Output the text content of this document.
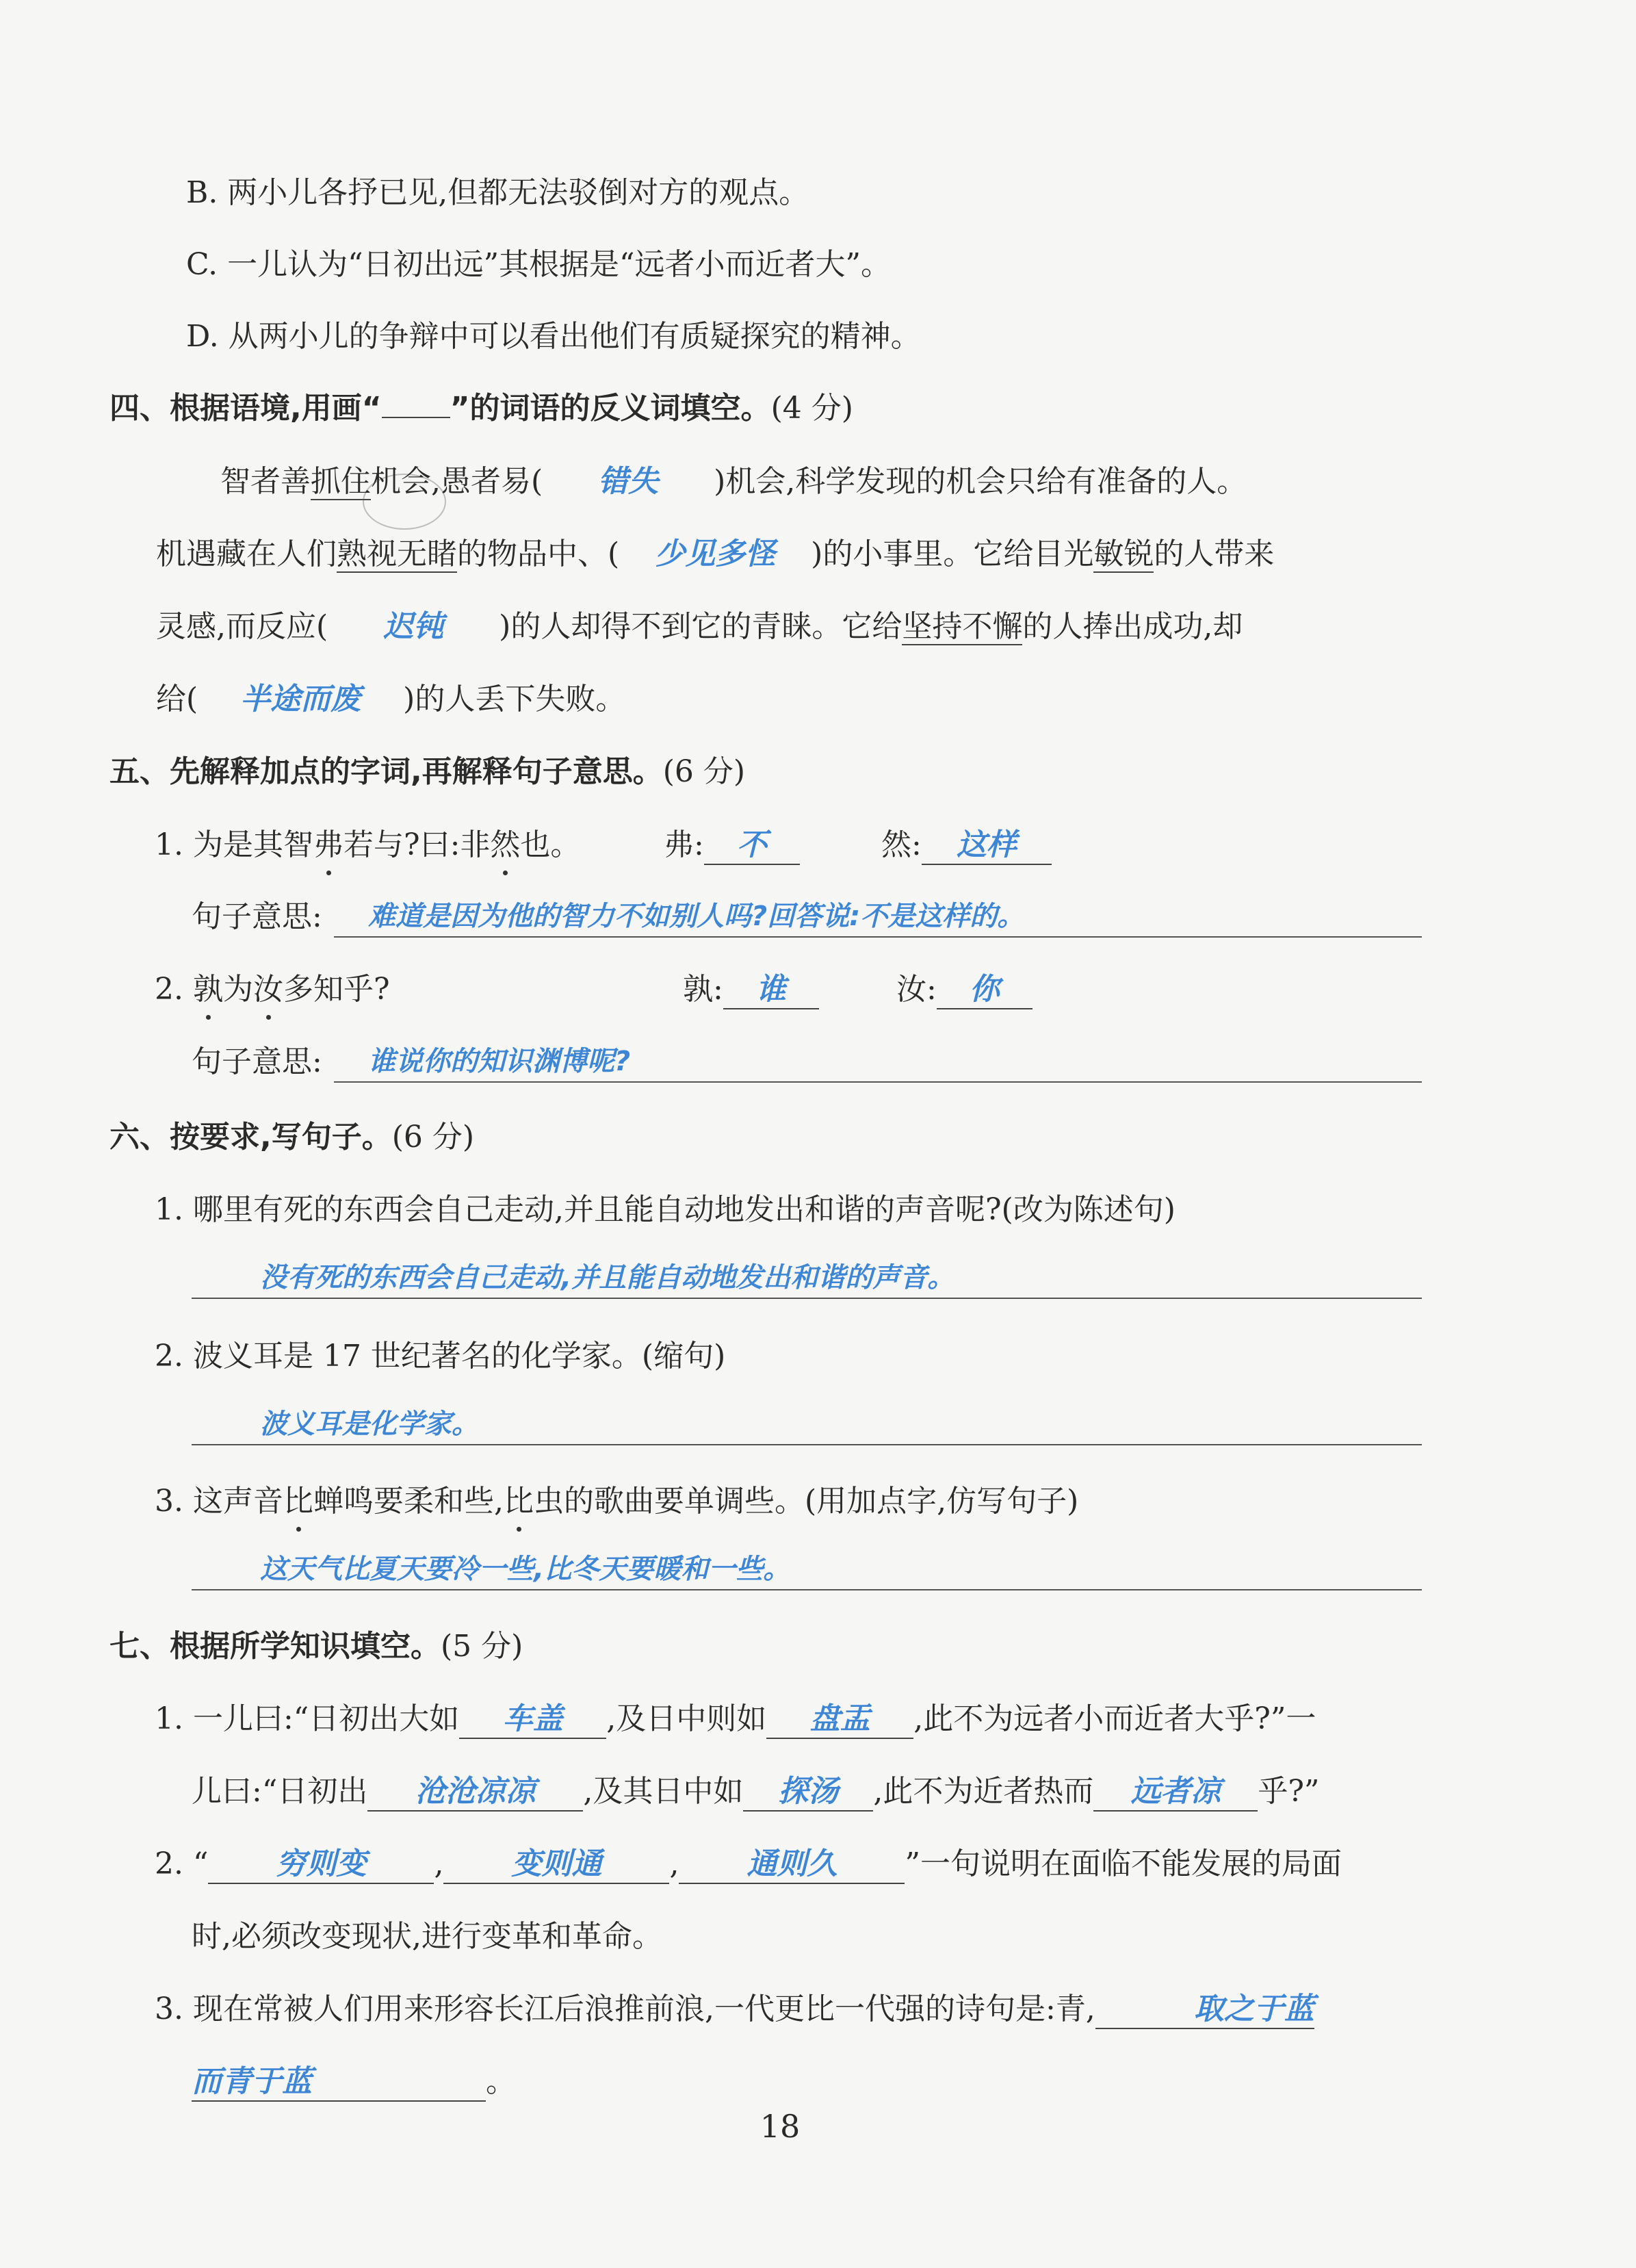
B. 两小儿各抒已见,但都无法驳倒对方的观点。
C. 一儿认为“日初出远”其根据是“远者小而近者大”。
D. 从两小儿的争辩中可以看出他们有质疑探究的精神。
四、根据语境,用画“ ”的词语的反义词填空。(4 分)
智者善抓住机会,愚者易( 错失 )机会,科学发现的机会只给有准备的人。
机遇藏在人们熟视无睹的物品中、( 少见多怪 )的小事里。它给目光敏锐的人带来
灵感,而反应( 迟钝 )的人却得不到它的青睐。它给坚持不懈的人捧出成功,却
给( 半途而废 )的人丢下失败。
五、先解释加点的字词,再解释句子意思。(6 分)
1. 为是其智弗若与?曰:非然也。	弗: 不	然: 这样
句子意思: 难道是因为他的智力不如别人吗?回答说:不是这样的。
2. 孰为汝多知乎?	孰: 谁	汝: 你
句子意思: 谁说你的知识渊博呢?
六、按要求,写句子。(6 分)
1. 哪里有死的东西会自己走动,并且能自动地发出和谐的声音呢?(改为陈述句)
没有死的东西会自己走动,并且能自动地发出和谐的声音。
2. 波义耳是 17 世纪著名的化学家。(缩句)
波义耳是化学家。
3. 这声音比蝉鸣要柔和些,比虫的歌曲要单调些。(用加点字,仿写句子)
这天气比夏天要冷一些,比冬天要暖和一些。
七、根据所学知识填空。(5 分)
1. 一儿曰:“日初出大如 车盖 ,及日中则如 盘盂 ,此不为远者小而近者大乎?”一
儿曰:“日初出 沧沧凉凉 ,及其日中如 探汤 ,此不为近者热而 远者凉 乎?”
2. “ 穷则变 , 变则通 , 通则久 ”一句说明在面临不能发展的局面
时,必须改变现状,进行变革和革命。
3. 现在常被人们用来形容长江后浪推前浪,一代更比一代强的诗句是:青,	取之于蓝
而青于蓝	。
18
